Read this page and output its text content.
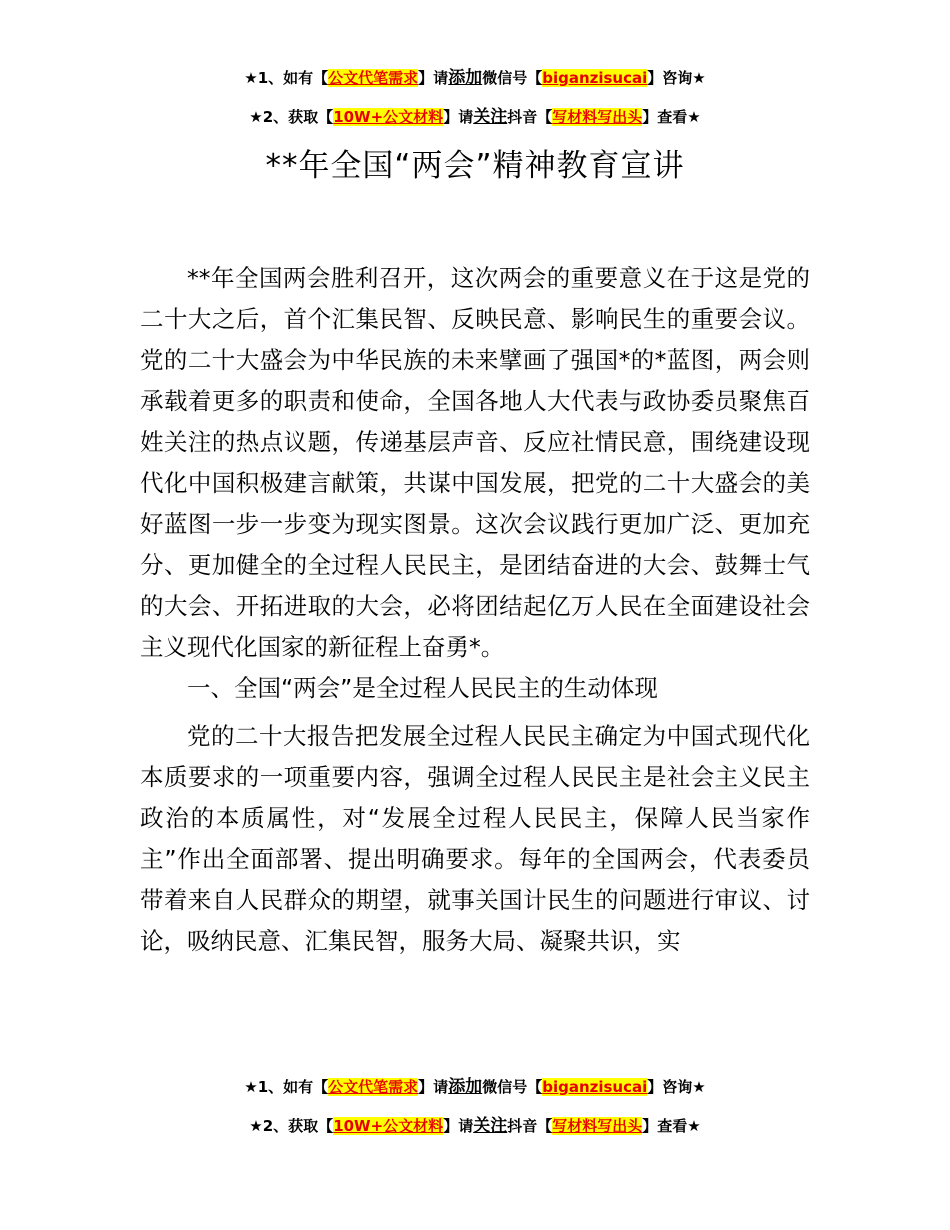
★1、如有【公文代笔需求】请添加微信号【biganzisucai】咨询★
★2、获取【10W+公文材料】请关注抖音【写材料写出头】查看★
**年全国“两会”精神教育宣讲

**年全国两会胜利召开，这次两会的重要意义在于这是党的二十大之后，首个汇集民智、反映民意、影响民生的重要会议。党的二十大盛会为中华民族的未来擘画了强国*的*蓝图，两会则承载着更多的职责和使命，全国各地人大代表与政协委员聚焦百姓关注的热点议题，传递基层声音、反应社情民意，围绕建设现代化中国积极建言献策，共谋中国发展，把党的二十大盛会的美好蓝图一步一步变为现实图景。这次会议践行更加广泛、更加充分、更加健全的全过程人民民主，是团结奋进的大会、鼓舞士气的大会、开拓进取的大会，必将团结起亿万人民在全面建设社会主义现代化国家的新征程上奋勇*。

一、全国“两会”是全过程人民民主的生动体现

党的二十大报告把发展全过程人民民主确定为中国式现代化本质要求的一项重要内容，强调全过程人民民主是社会主义民主政治的本质属性，对“发展全过程人民民主，保障人民当家作主”作出全面部署、提出明确要求。每年的全国两会，代表委员带着来自人民群众的期望，就事关国计民生的问题进行审议、讨论，吸纳民意、汇集民智，服务大局、凝聚共识，实

★1、如有【公文代笔需求】请添加微信号【biganzisucai】咨询★
★2、获取【10W+公文材料】请关注抖音【写材料写出头】查看★
